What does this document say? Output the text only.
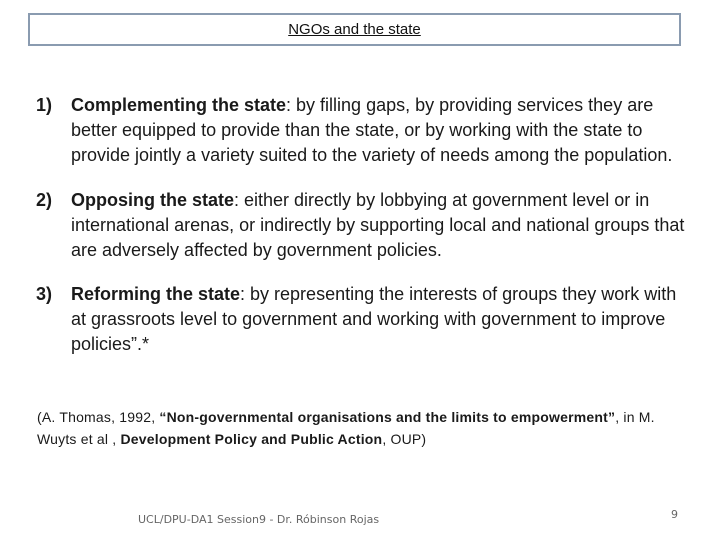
NGOs and the state
1) Complementing the state: by filling gaps, by providing services they are better equipped to provide than the state, or by working with the state to provide jointly a variety suited to the variety of needs among the population.
2) Opposing the state: either directly by lobbying at government level or in international arenas, or indirectly by supporting local and national groups that are adversely affected by government policies.
3) Reforming the state: by representing the interests of groups they work with at grassroots level to government and working with government to improve policies”.*
(A. Thomas, 1992, “Non-governmental organisations and the limits to empowerment”, in M. Wuyts et al , Development Policy and Public Action, OUP)
UCL/DPU-DA1 Session9 - Dr. Róbinson Rojas	9
